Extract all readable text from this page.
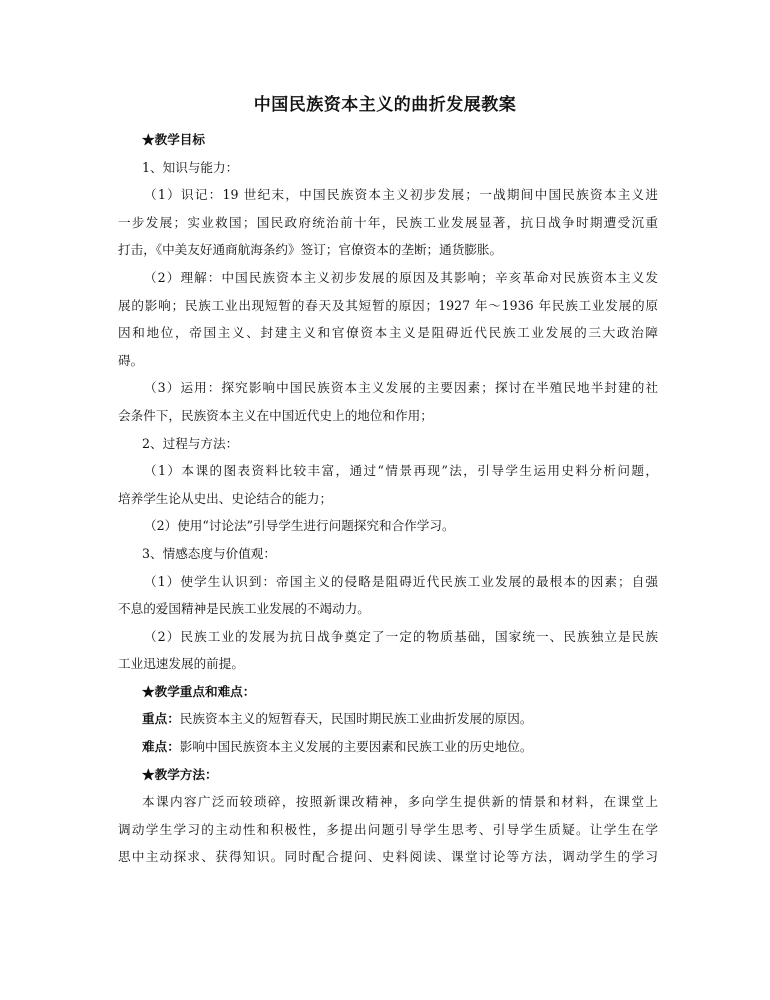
中国民族资本主义的曲折发展教案

★教学目标

1、知识与能力：

（1）识记：19 世纪末，中国民族资本主义初步发展；一战期间中国民族资本主义进

一步发展；实业救国；国民政府统治前十年，民族工业发展显著，抗日战争时期遭受沉重

打击，《中美友好通商航海条约》签订；官僚资本的垄断；通货膨胀。

（2）理解：中国民族资本主义初步发展的原因及其影响；辛亥革命对民族资本主义发

展的影响；民族工业出现短暂的春天及其短暂的原因；1927 年～1936 年民族工业发展的原

因和地位，帝国主义、封建主义和官僚资本主义是阻碍近代民族工业发展的三大政治障

碍。

（3）运用：探究影响中国民族资本主义发展的主要因素；探讨在半殖民地半封建的社

会条件下，民族资本主义在中国近代史上的地位和作用；

2、过程与方法：

（1）本课的图表资料比较丰富，通过“情景再现”法，引导学生运用史料分析问题，

培养学生论从史出、史论结合的能力；

（2）使用“讨论法”引导学生进行问题探究和合作学习。

3、情感态度与价值观：

（1）使学生认识到：帝国主义的侵略是阻碍近代民族工业发展的最根本的因素；自强

不息的爱国精神是民族工业发展的不竭动力。

（2）民族工业的发展为抗日战争奠定了一定的物质基础，国家统一、民族独立是民族

工业迅速发展的前提。

★教学重点和难点：

重点：民族资本主义的短暂春天，民国时期民族工业曲折发展的原因。

难点：影响中国民族资本主义发展的主要因素和民族工业的历史地位。

★教学方法：

本课内容广泛而较琐碎，按照新课改精神，多向学生提供新的情景和材料，在课堂上

调动学生学习的主动性和积极性，多提出问题引导学生思考、引导学生质疑。让学生在学

思中主动探求、获得知识。同时配合提问、史料阅读、课堂讨论等方法，调动学生的学习
